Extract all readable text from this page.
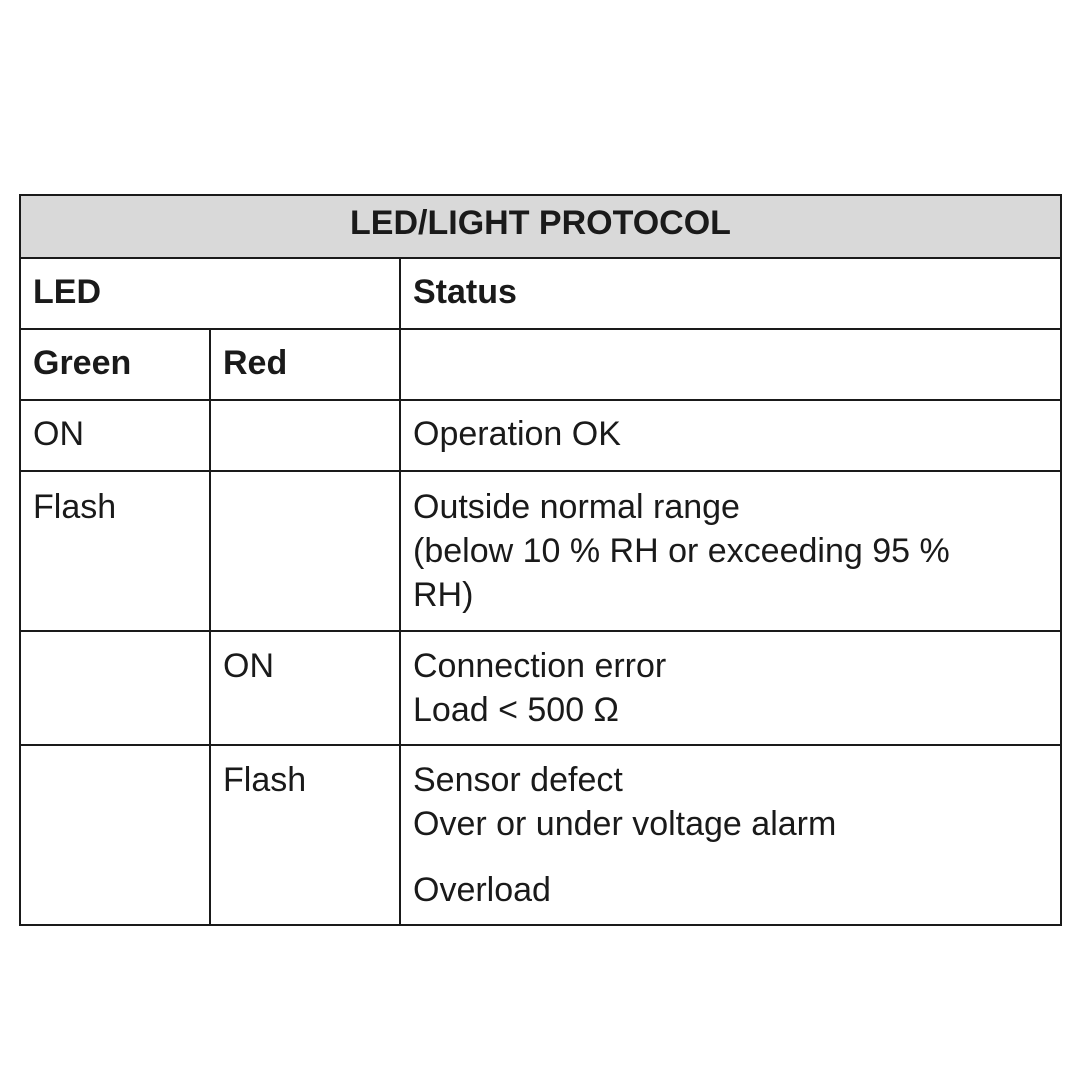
LED/LIGHT PROTOCOL		
LED		Status
Green	Red	
ON		Operation OK

Flash		Outside normal range
(below 10 % RH or exceeding 95 %
RH)

	ON	Connection error
Load < 500 Ω

	Flash	Sensor defect
Over or under voltage alarm
Overload
